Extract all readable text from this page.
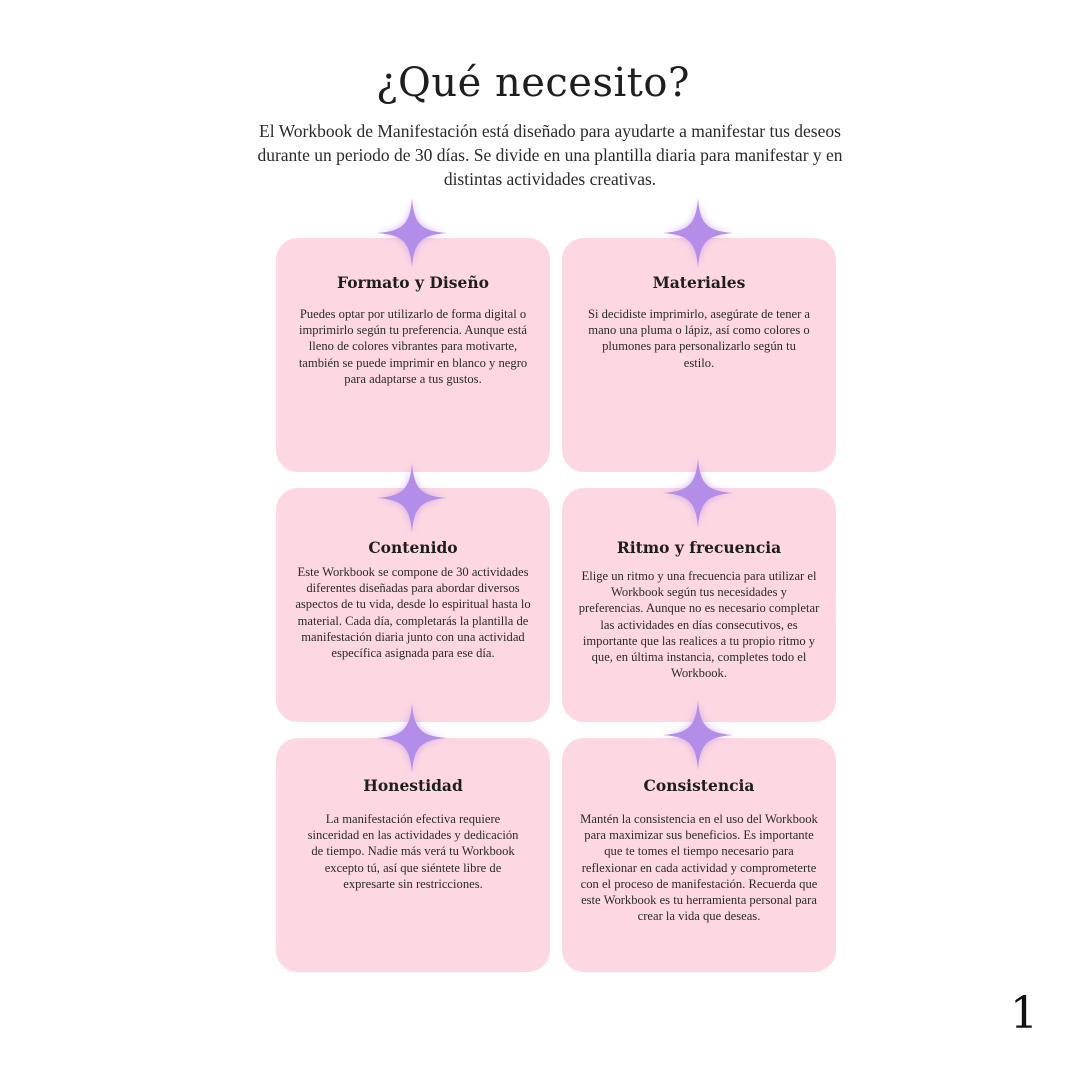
¿Qué necesito?

El Workbook de Manifestación está diseñado para ayudarte a manifestar tus deseos durante un periodo de 30 días. Se divide en una plantilla diaria para manifestar y en distintas actividades creativas.

Formato y Diseño

Puedes optar por utilizarlo de forma digital o imprimirlo según tu preferencia. Aunque está lleno de colores vibrantes para motivarte, también se puede imprimir en blanco y negro para adaptarse a tus gustos.

Materiales

Si decidiste imprimirlo, asegúrate de tener a mano una pluma o lápiz, así como colores o plumones para personalizarlo según tu estilo.

Contenido

Este Workbook se compone de 30 actividades diferentes diseñadas para abordar diversos aspectos de tu vida, desde lo espiritual hasta lo material. Cada día, completarás la plantilla de manifestación diaria junto con una actividad específica asignada para ese día.

Ritmo y frecuencia

Elige un ritmo y una frecuencia para utilizar el Workbook según tus necesidades y preferencias. Aunque no es necesario completar las actividades en días consecutivos, es importante que las realices a tu propio ritmo y que, en última instancia, completes todo el Workbook.

Honestidad

La manifestación efectiva requiere sinceridad en las actividades y dedicación de tiempo. Nadie más verá tu Workbook excepto tú, así que siéntete libre de expresarte sin restricciones.

Consistencia

Mantén la consistencia en el uso del Workbook para maximizar sus beneficios. Es importante que te tomes el tiempo necesario para reflexionar en cada actividad y comprometerte con el proceso de manifestación. Recuerda que este Workbook es tu herramienta personal para crear la vida que deseas.

1
